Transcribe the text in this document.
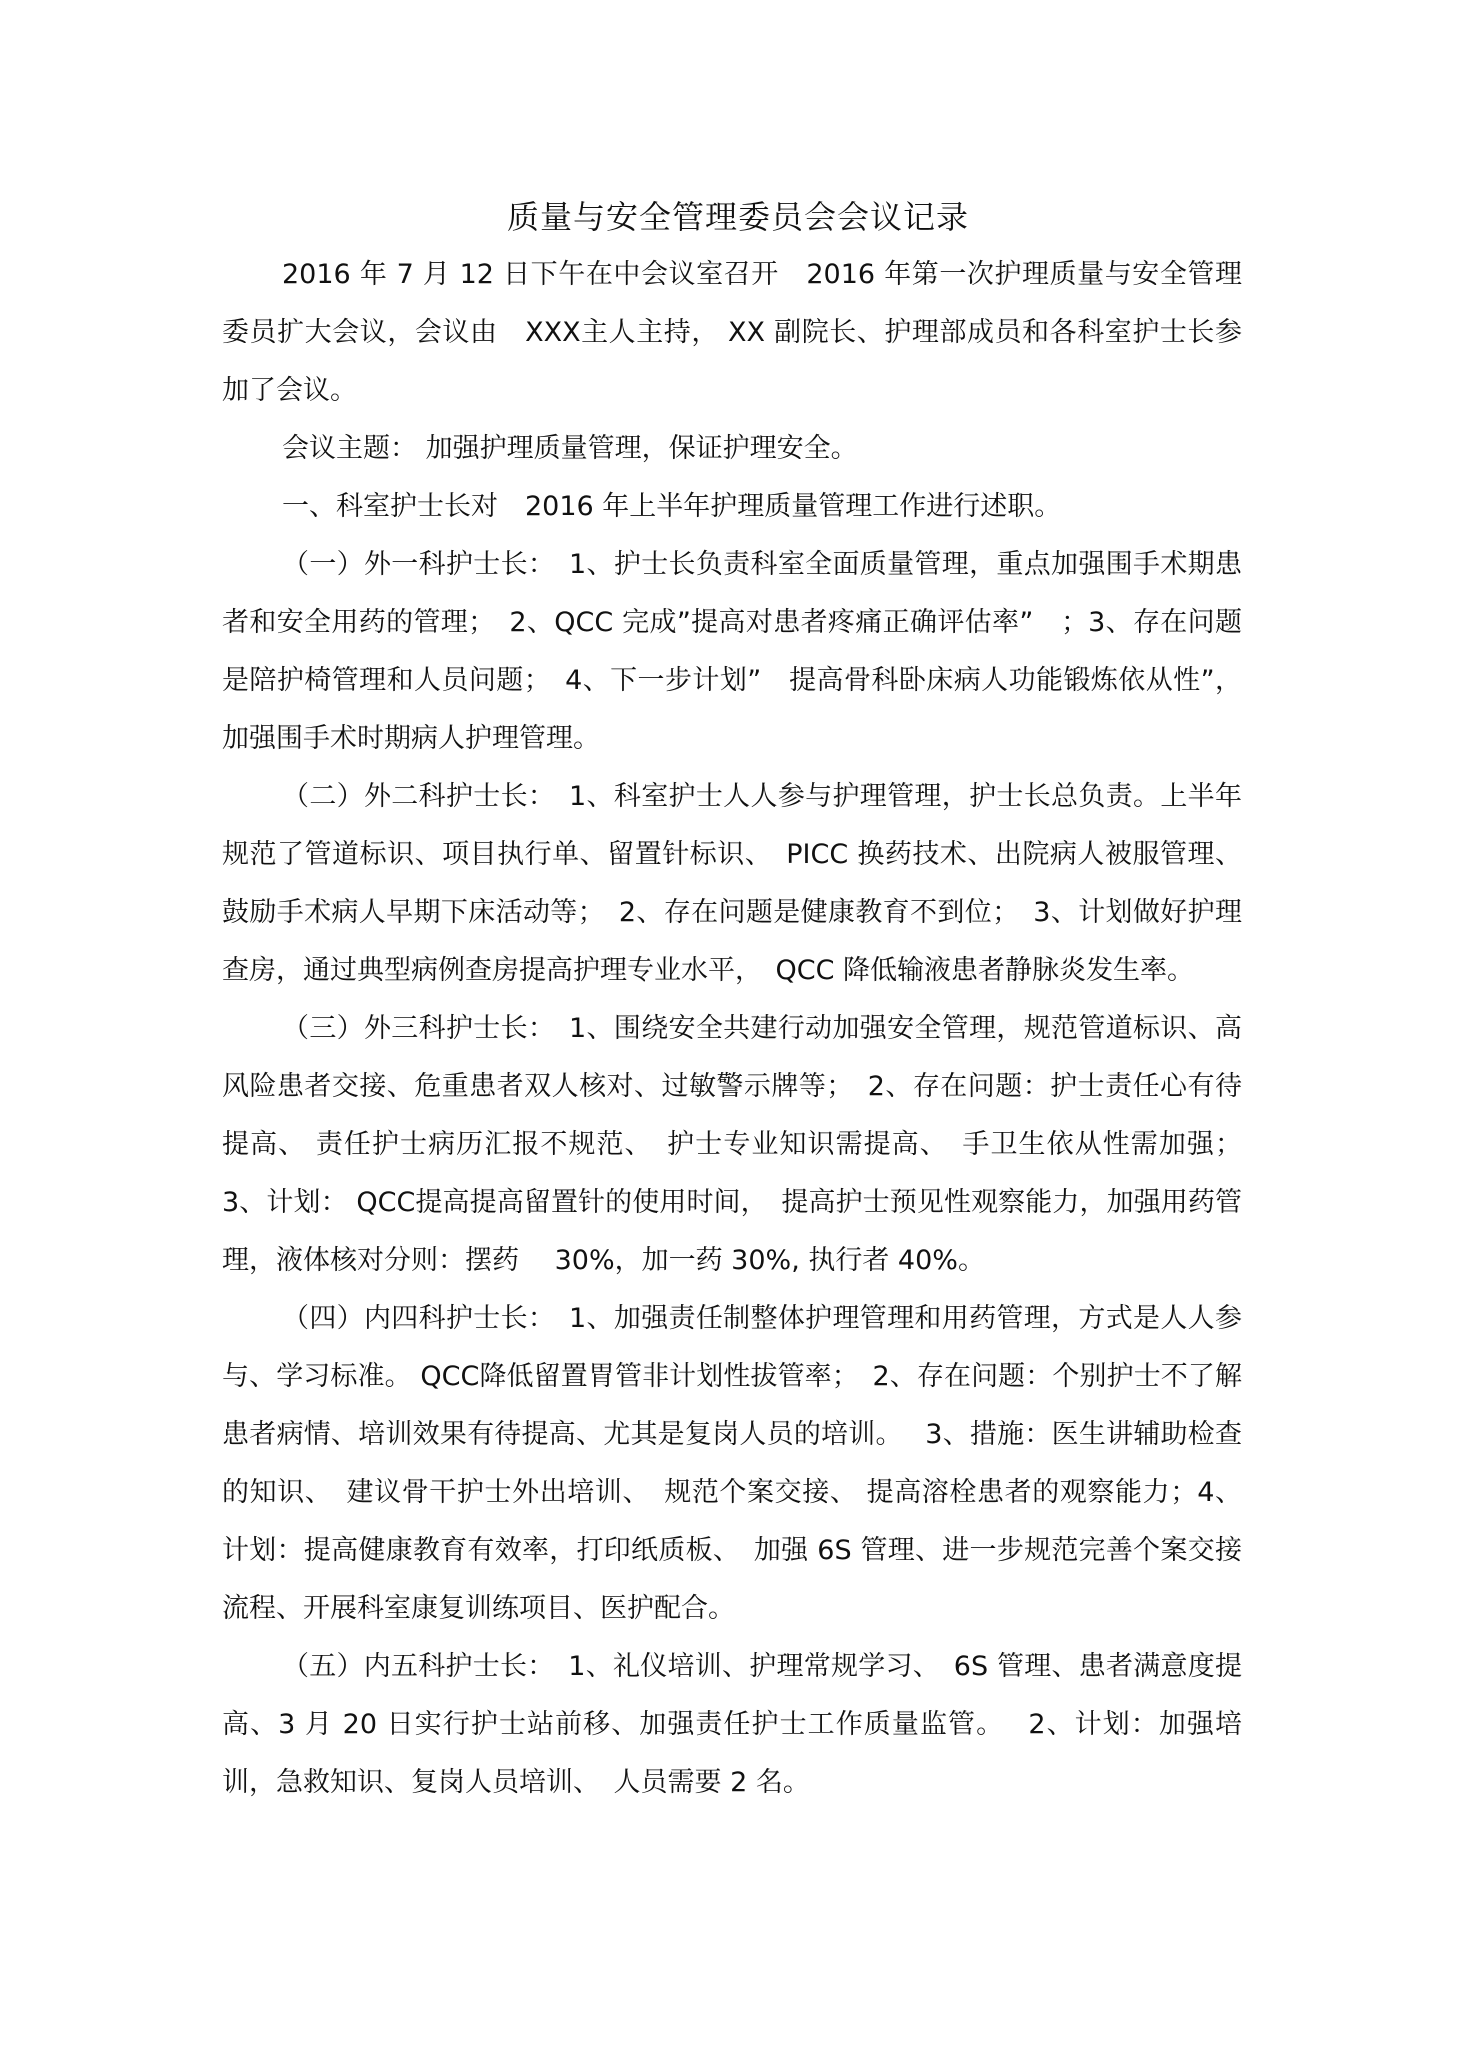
质量与安全管理委员会会议记录

2016 年 7 月 12 日下午在中会议室召开　2016 年第一次护理质量与安全管理委员扩大会议，会议由　XXX主人主持， XX 副院长、护理部成员和各科室护士长参加了会议。

会议主题： 加强护理质量管理，保证护理安全。

一、科室护士长对　2016 年上半年护理质量管理工作进行述职。

（一）外一科护士长：　1、护士长负责科室全面质量管理，重点加强围手术期患者和安全用药的管理；　2、QCC 完成”提高对患者疼痛正确评估率”　；3、存在问题是陪护椅管理和人员问题；　4、下一步计划”　提高骨科卧床病人功能锻炼依从性”，加强围手术时期病人护理管理。

（二）外二科护士长：　1、科室护士人人参与护理管理，护士长总负责。上半年规范了管道标识、项目执行单、留置针标识、　PICC 换药技术、出院病人被服管理、鼓励手术病人早期下床活动等；　2、存在问题是健康教育不到位；　3、计划做好护理查房，通过典型病例查房提高护理专业水平，　QCC 降低输液患者静脉炎发生率。

（三）外三科护士长：　1、围绕安全共建行动加强安全管理，规范管道标识、高风险患者交接、危重患者双人核对、过敏警示牌等；　2、存在问题：护士责任心有待提高、 责任护士病历汇报不规范、　护士专业知识需提高、　手卫生依从性需加强；3、计划： QCC提高提高留置针的使用时间，　提高护士预见性观察能力，加强用药管理，液体核对分则：摆药　 30%，加一药 30%, 执行者 40%。

（四）内四科护士长：　1、加强责任制整体护理管理和用药管理，方式是人人参与、学习标准。 QCC降低留置胃管非计划性拔管率；　2、存在问题：个别护士不了解患者病情、培训效果有待提高、尤其是复岗人员的培训。　 3、措施：医生讲辅助检查的知识、　建议骨干护士外出培训、　规范个案交接、 提高溶栓患者的观察能力；4、计划：提高健康教育有效率，打印纸质板、　加强 6S 管理、进一步规范完善个案交接流程、开展科室康复训练项目、医护配合。

（五）内五科护士长：　1、礼仪培训、护理常规学习、　6S 管理、患者满意度提高、3 月 20 日实行护士站前移、加强责任护士工作质量监管。　 2、计划：加强培训，急救知识、复岗人员培训、　人员需要 2 名。
